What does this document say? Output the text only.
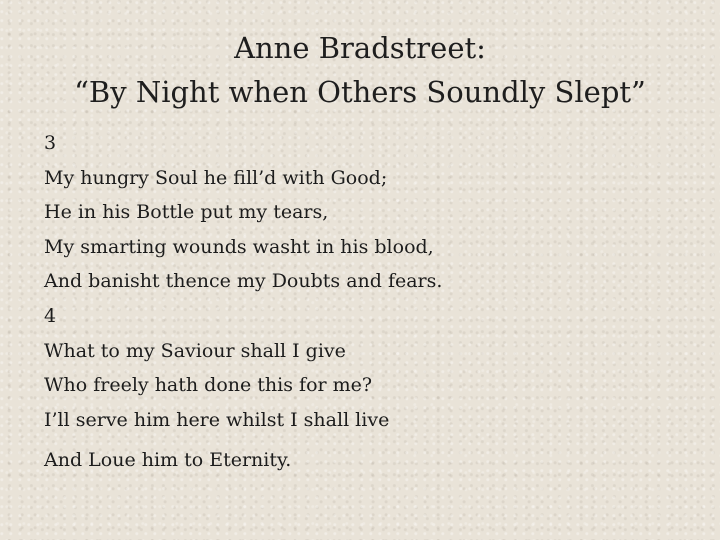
Anne Bradstreet:
“By Night when Others Soundly Slept”
3
My hungry Soul he fill’d with Good;
He in his Bottle put my tears,
My smarting wounds washt in his blood,
And banisht thence my Doubts and fears.
4
What to my Saviour shall I give
Who freely hath done this for me?
I’ll serve him here whilst I shall live
And Loue him to Eternity.
